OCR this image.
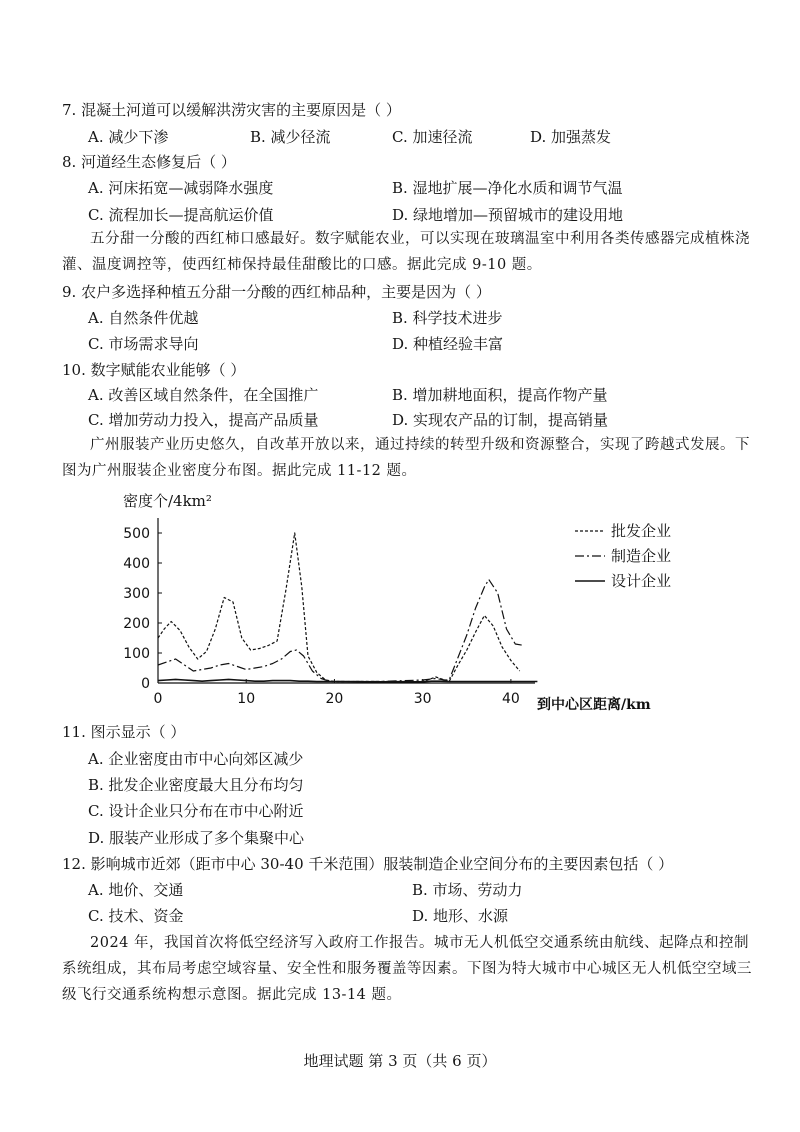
7. 混凝土河道可以缓解洪涝灾害的主要原因是（ ）
A. 减少下渗	B. 减少径流	C. 加速径流	D. 加强蒸发
8. 河道经生态修复后（ ）
A. 河床拓宽—减弱降水强度	B. 湿地扩展—净化水质和调节气温
C. 流程加长—提高航运价值	D. 绿地增加—预留城市的建设用地
五分甜一分酸的西红柿口感最好。数字赋能农业，可以实现在玻璃温室中利用各类传感器完成植株浇灌、温度调控等，使西红柿保持最佳甜酸比的口感。据此完成 9-10 题。
9. 农户多选择种植五分甜一分酸的西红柿品种，主要是因为（ ）
A. 自然条件优越	B. 科学技术进步
C. 市场需求导向	D. 种植经验丰富
10. 数字赋能农业能够（ ）
A. 改善区域自然条件，在全国推广	B. 增加耕地面积，提高作物产量
C. 增加劳动力投入，提高产品质量	D. 实现农产品的订制，提高销量
广州服装产业历史悠久，自改革开放以来，通过持续的转型升级和资源整合，实现了跨越式发展。下图为广州服装企业密度分布图。据此完成 11-12 题。
密度个/4km²
0
100
200
300
400
500
0	10	20	30	40
批发企业
制造企业
设计企业
到中心区距离/km
11. 图示显示（ ）
A. 企业密度由市中心向郊区减少
B. 批发企业密度最大且分布均匀
C. 设计企业只分布在市中心附近
D. 服装产业形成了多个集聚中心
12. 影响城市近郊（距市中心 30-40 千米范围）服装制造企业空间分布的主要因素包括（ ）
A. 地价、交通	B. 市场、劳动力
C. 技术、资金	D. 地形、水源
2024 年，我国首次将低空经济写入政府工作报告。城市无人机低空交通系统由航线、起降点和控制系统组成，其布局考虑空域容量、安全性和服务覆盖等因素。下图为特大城市中心城区无人机低空空域三级飞行交通系统构想示意图。据此完成 13-14 题。
地理试题 第 3 页（共 6 页）
